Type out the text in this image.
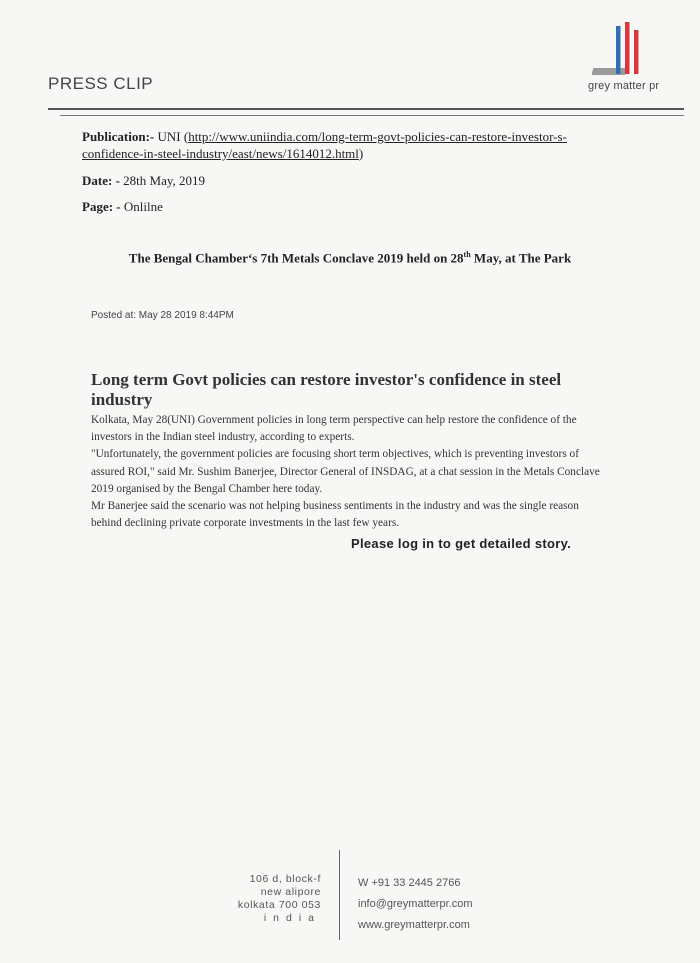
PRESS CLIP	grey matter pr
Publication:- UNI (http://www.uniindia.com/long-term-govt-policies-can-restore-investor-s-confidence-in-steel-industry/east/news/1614012.html)
Date: - 28th May, 2019
Page: - Onlilne
The Bengal Chamber‘s 7th Metals Conclave 2019 held on 28th May, at The Park
Posted at: May 28 2019 8:44PM
Long term Govt policies can restore investor's confidence in steel industry

Kolkata, May 28(UNI) Government policies in long term perspective can help restore the confidence of the investors in the Indian steel industry, according to experts.

"Unfortunately, the government policies are focusing short term objectives, which is preventing investors of assured ROI," said Mr. Sushim Banerjee, Director General of INSDAG, at a chat session in the Metals Conclave 2019 organised by the Bengal Chamber here today.

Mr Banerjee said the scenario was not helping business sentiments in the industry and was the single reason behind declining private corporate investments in the last few years.

Please log in to get detailed story.
106 d, block-f
new alipore
kolkata 700 053
india
W +91 33 2445 2766
info@greymatterpr.com
www.greymatterpr.com
